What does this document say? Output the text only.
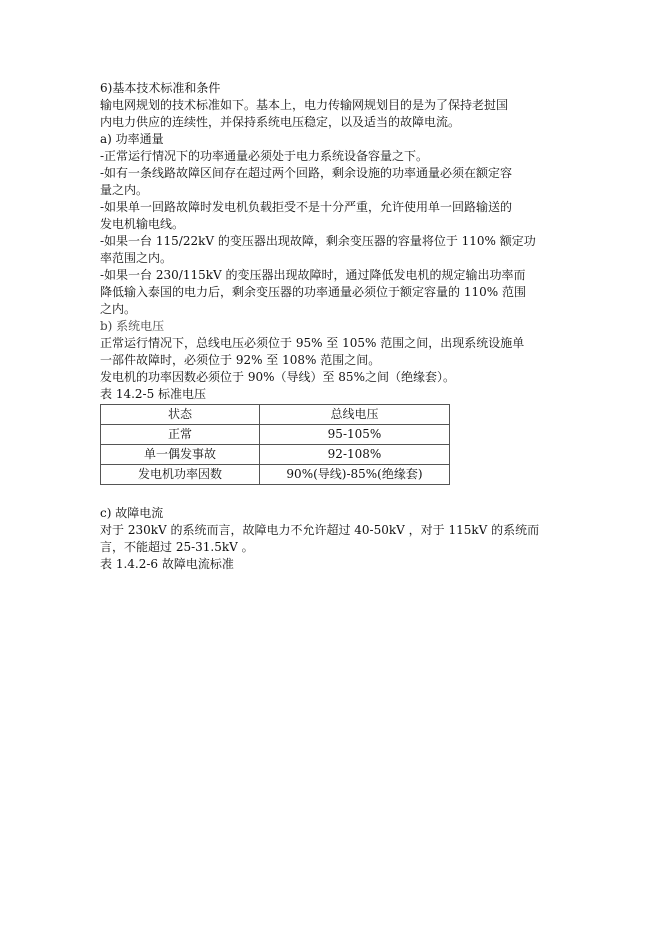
6)基本技术标准和条件
输电网规划的技术标准如下。基本上，电力传输网规划目的是为了保持老挝国
内电力供应的连续性，并保持系统电压稳定，以及适当的故障电流。
a) 功率通量
-正常运行情况下的功率通量必须处于电力系统设备容量之下。
-如有一条线路故障区间存在超过两个回路，剩余设施的功率通量必须在额定容
量之内。
-如果单一回路故障时发电机负载拒受不是十分严重，允许使用单一回路输送的
发电机输电线。
-如果一台 115/22kV 的变压器出现故障，剩余变压器的容量将位于 110% 额定功
率范围之内。
-如果一台 230/115kV 的变压器出现故障时，通过降低发电机的规定输出功率而
降低输入泰国的电力后，剩余变压器的功率通量必须位于额定容量的 110% 范围
之内。
b) 系统电压
正常运行情况下，总线电压必须位于 95% 至 105% 范围之间，出现系统设施单
一部件故障时，必须位于 92% 至 108% 范围之间。
发电机的功率因数必须位于 90%（导线）至 85%之间（绝缘套）。
表 14.2-5 标准电压
状态	总线电压
正常	95-105%
单一偶发事故	92-108%
发电机功率因数	90%(导线)-85%(绝缘套)
c) 故障电流
对于 230kV 的系统而言，故障电力不允许超过 40-50kV ，对于 115kV 的系统而
言，不能超过 25-31.5kV 。
表 1.4.2-6 故障电流标准
